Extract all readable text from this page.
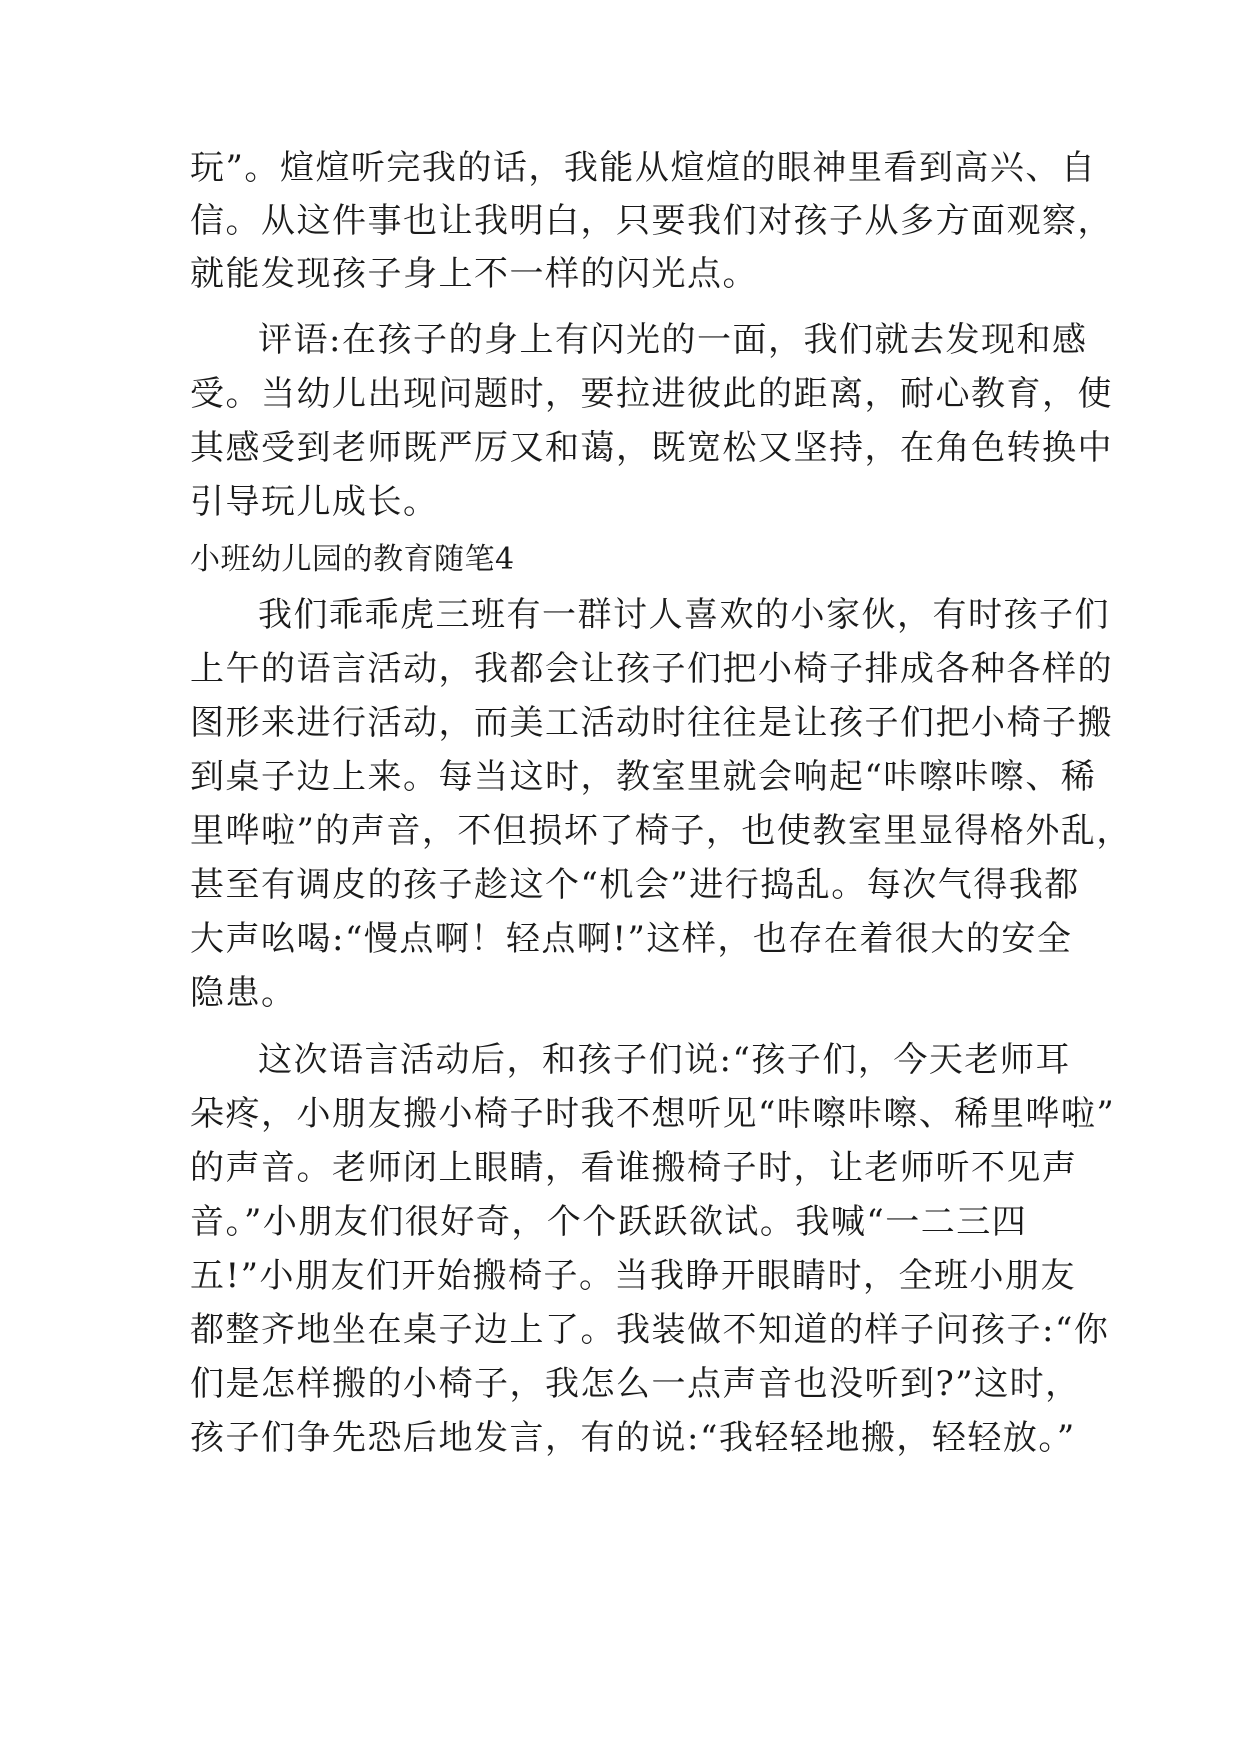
玩”。煊煊听完我的话，我能从煊煊的眼神里看到高兴、自

信。从这件事也让我明白，只要我们对孩子从多方面观察，

就能发现孩子身上不一样的闪光点。

评语:在孩子的身上有闪光的一面，我们就去发现和感

受。当幼儿出现问题时，要拉进彼此的距离，耐心教育，使

其感受到老师既严厉又和蔼，既宽松又坚持，在角色转换中

引导玩儿成长。

小班幼儿园的教育随笔4

我们乖乖虎三班有一群讨人喜欢的小家伙，有时孩子们

上午的语言活动，我都会让孩子们把小椅子排成各种各样的

图形来进行活动，而美工活动时往往是让孩子们把小椅子搬

到桌子边上来。每当这时，教室里就会响起“咔嚓咔嚓、稀

里哗啦”的声音，不但损坏了椅子，也使教室里显得格外乱，

甚至有调皮的孩子趁这个“机会”进行捣乱。每次气得我都

大声吆喝:“慢点啊！轻点啊!”这样，也存在着很大的安全

隐患。

这次语言活动后，和孩子们说:“孩子们，今天老师耳

朵疼，小朋友搬小椅子时我不想听见“咔嚓咔嚓、稀里哗啦”

的声音。老师闭上眼睛，看谁搬椅子时，让老师听不见声

音。”小朋友们很好奇，个个跃跃欲试。我喊“一二三四

五!”小朋友们开始搬椅子。当我睁开眼睛时，全班小朋友

都整齐地坐在桌子边上了。我装做不知道的样子问孩子:“你

们是怎样搬的小椅子，我怎么一点声音也没听到?”这时，

孩子们争先恐后地发言，有的说:“我轻轻地搬，轻轻放。”
